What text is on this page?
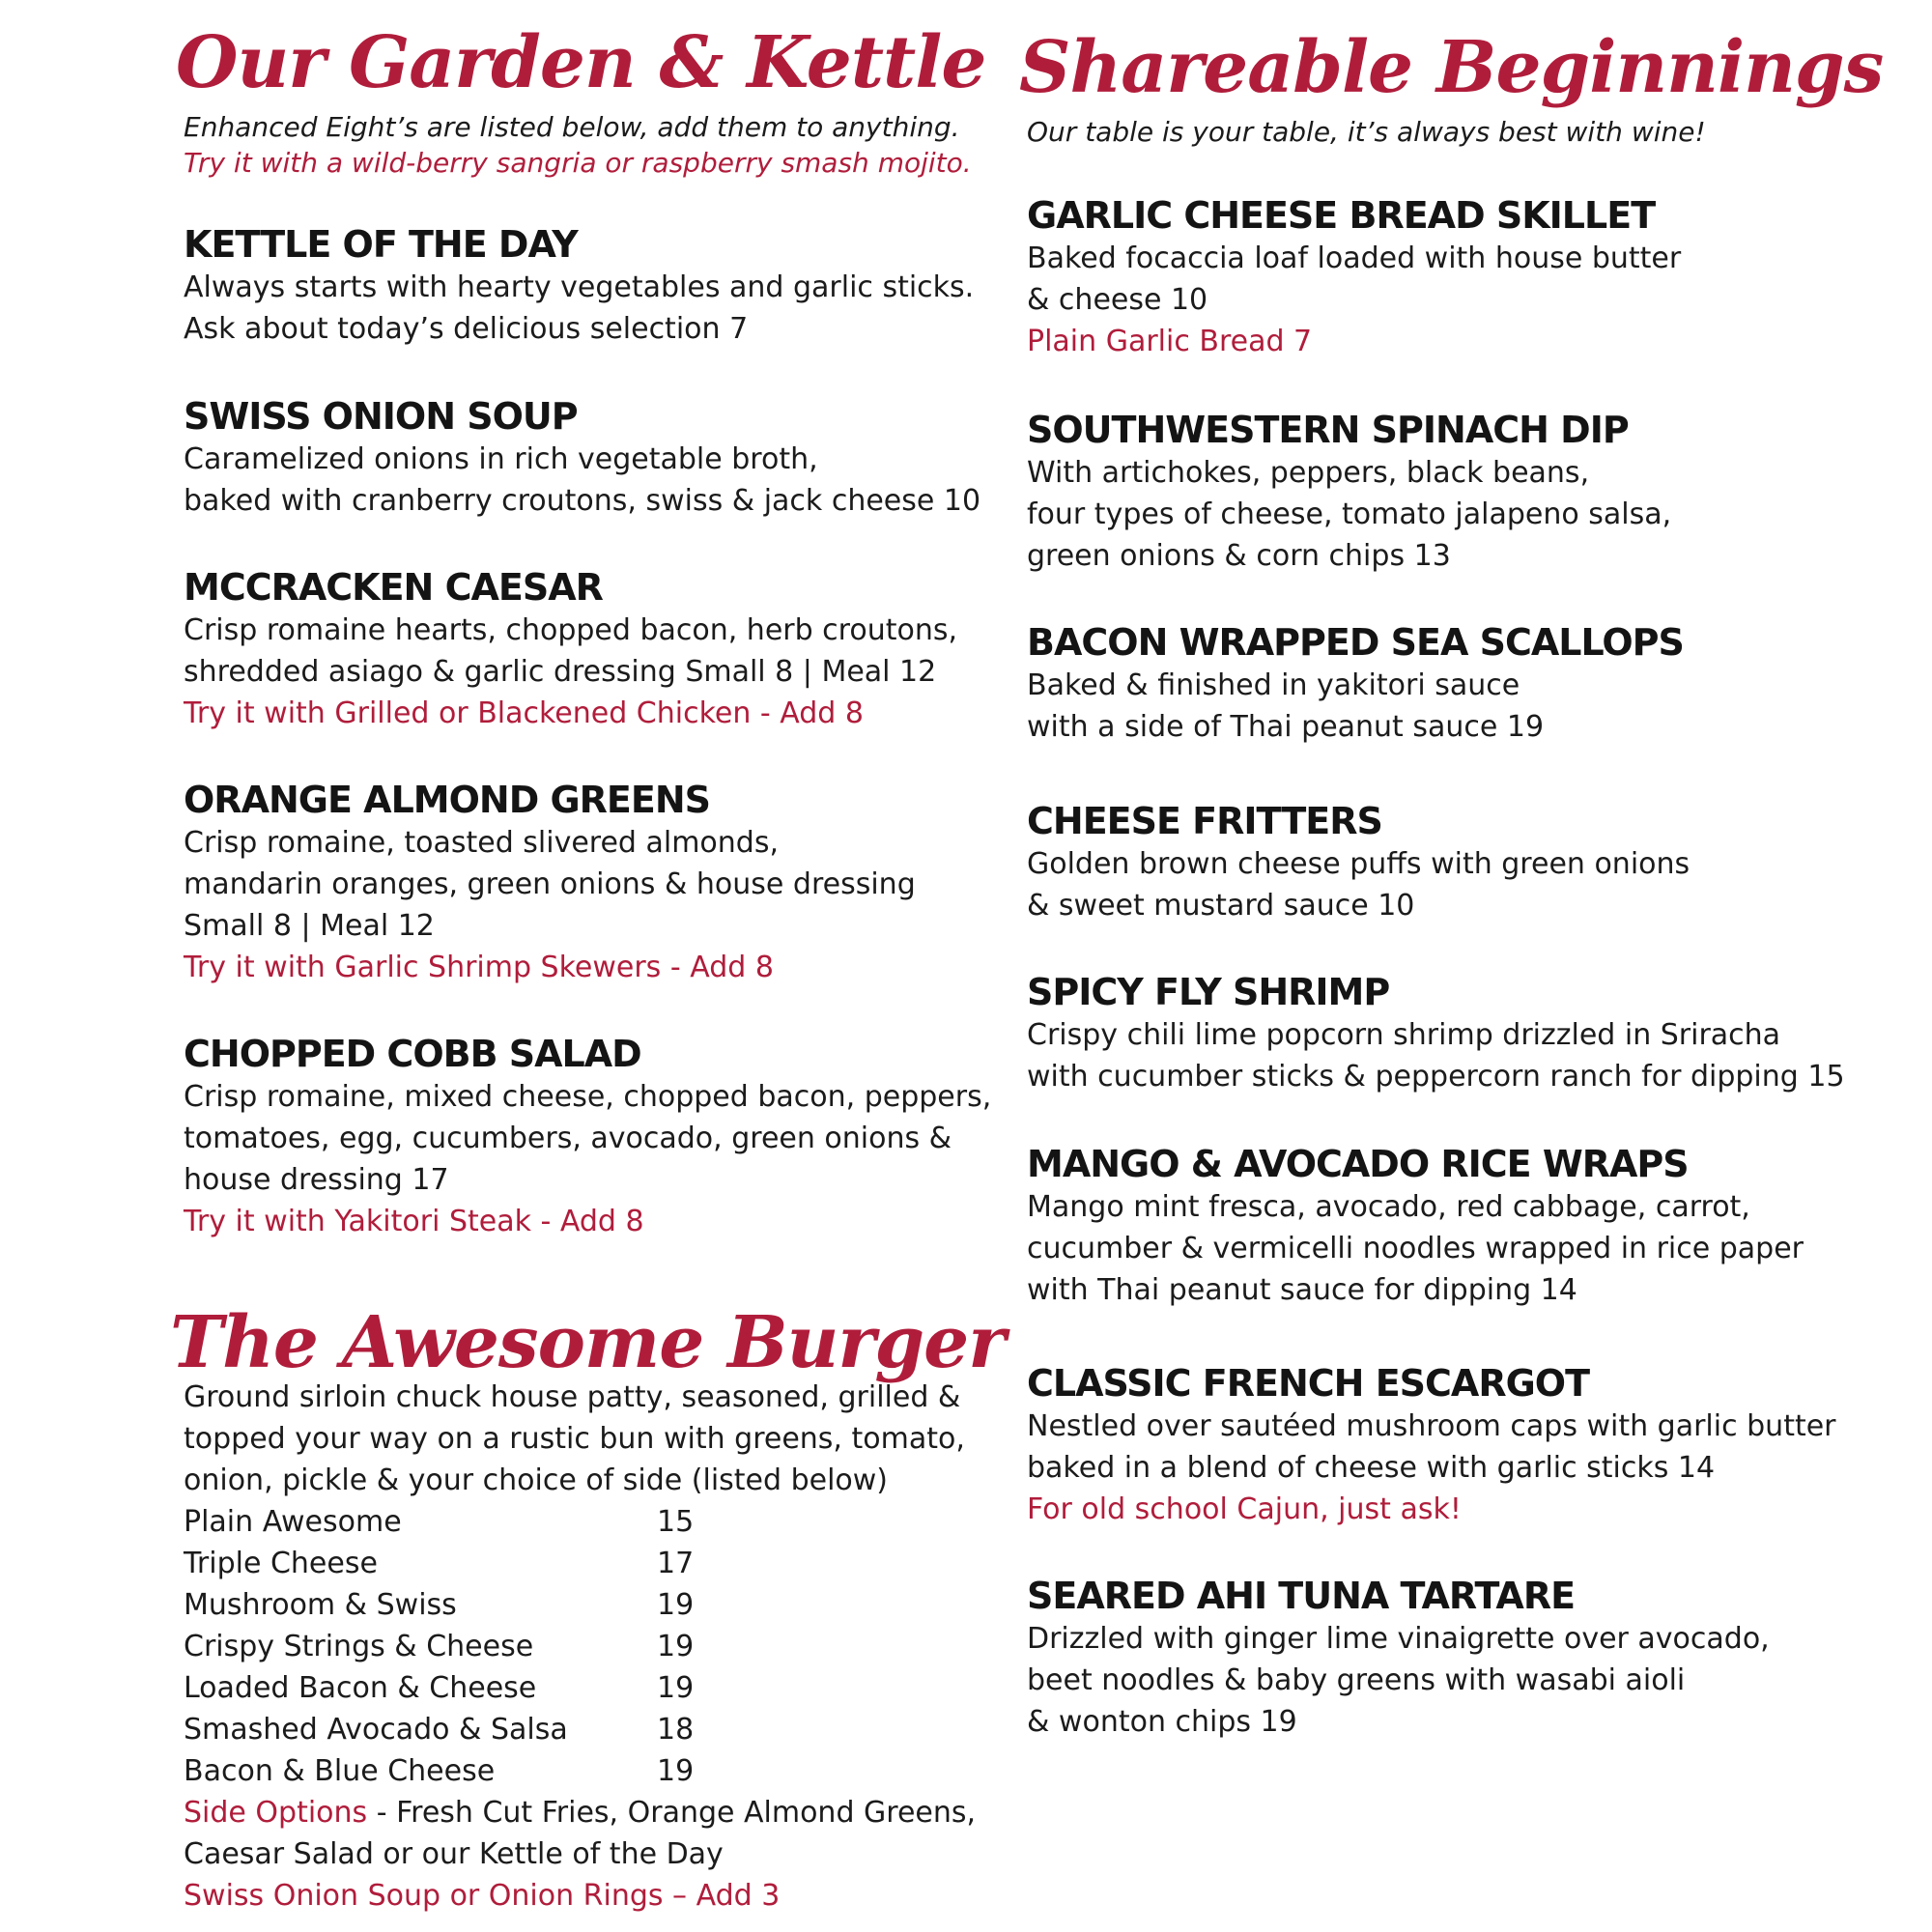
Our Garden & Kettle
Enhanced Eight’s are listed below, add them to anything.
Try it with a wild-berry sangria or raspberry smash mojito.
KETTLE OF THE DAY
Always starts with hearty vegetables and garlic sticks.
Ask about today’s delicious selection 7
SWISS ONION SOUP
Caramelized onions in rich vegetable broth,
baked with cranberry croutons, swiss & jack cheese 10
MCCRACKEN CAESAR
Crisp romaine hearts, chopped bacon, herb croutons,
shredded asiago & garlic dressing Small 8 | Meal 12
Try it with Grilled or Blackened Chicken - Add 8
ORANGE ALMOND GREENS
Crisp romaine, toasted slivered almonds,
mandarin oranges, green onions & house dressing
Small 8 | Meal 12
Try it with Garlic Shrimp Skewers - Add 8
CHOPPED COBB SALAD
Crisp romaine, mixed cheese, chopped bacon, peppers,
tomatoes, egg, cucumbers, avocado, green onions &
house dressing 17
Try it with Yakitori Steak - Add 8
The Awesome Burger
Ground sirloin chuck house patty, seasoned, grilled &
topped your way on a rustic bun with greens, tomato,
onion, pickle & your choice of side (listed below)
Plain Awesome	15
Triple Cheese	17
Mushroom & Swiss	19
Crispy Strings & Cheese	19
Loaded Bacon & Cheese	19
Smashed Avocado & Salsa	18
Bacon & Blue Cheese	19
Side Options - Fresh Cut Fries, Orange Almond Greens,
Caesar Salad or our Kettle of the Day
Swiss Onion Soup or Onion Rings – Add 3
Shareable Beginnings
Our table is your table, it’s always best with wine!
GARLIC CHEESE BREAD SKILLET
Baked focaccia loaf loaded with house butter
& cheese 10
Plain Garlic Bread 7
SOUTHWESTERN SPINACH DIP
With artichokes, peppers, black beans,
four types of cheese, tomato jalapeno salsa,
green onions & corn chips 13
BACON WRAPPED SEA SCALLOPS
Baked & finished in yakitori sauce
with a side of Thai peanut sauce 19
CHEESE FRITTERS
Golden brown cheese puffs with green onions
& sweet mustard sauce 10
SPICY FLY SHRIMP
Crispy chili lime popcorn shrimp drizzled in Sriracha
with cucumber sticks & peppercorn ranch for dipping 15
MANGO & AVOCADO RICE WRAPS
Mango mint fresca, avocado, red cabbage, carrot,
cucumber & vermicelli noodles wrapped in rice paper
with Thai peanut sauce for dipping 14
CLASSIC FRENCH ESCARGOT
Nestled over sautéed mushroom caps with garlic butter
baked in a blend of cheese with garlic sticks 14
For old school Cajun, just ask!
SEARED AHI TUNA TARTARE
Drizzled with ginger lime vinaigrette over avocado,
beet noodles & baby greens with wasabi aioli
& wonton chips 19
